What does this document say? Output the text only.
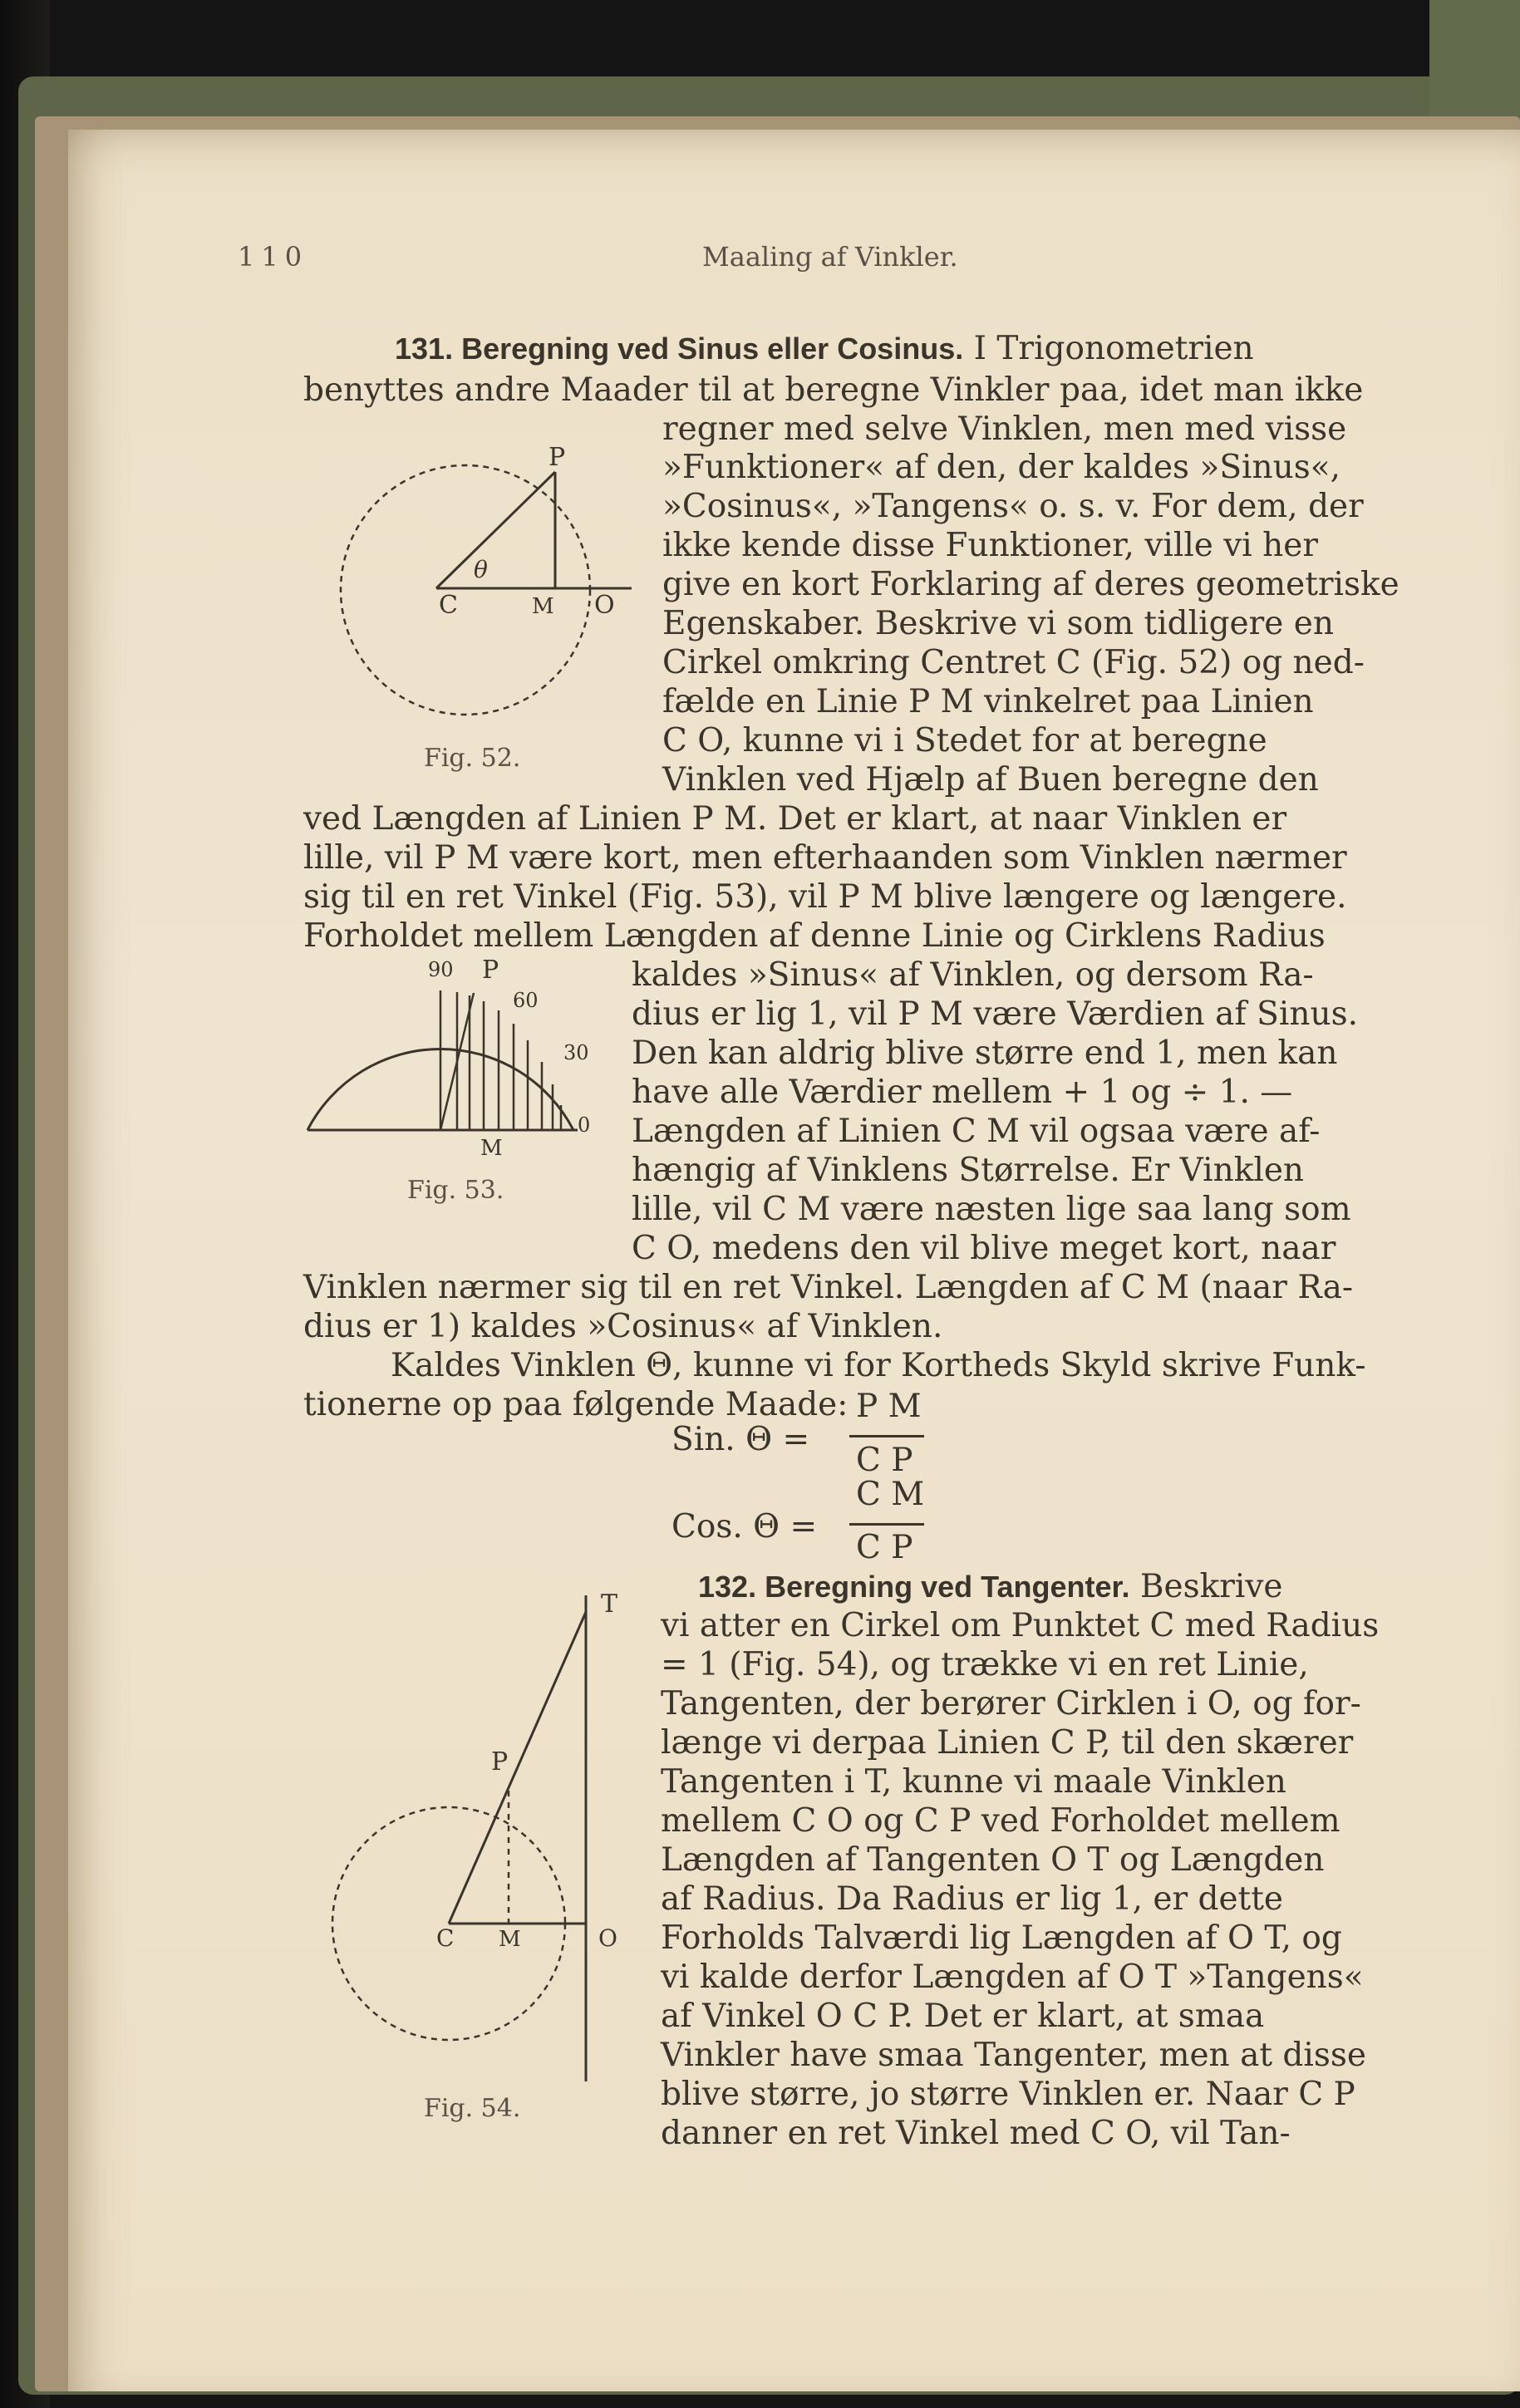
110	Maaling af Vinkler.
131. Beregning ved Sinus eller Cosinus. I Trigonometrien
benyttes andre Maader til at beregne Vinkler paa, idet man ikke
regner med selve Vinklen, men med visse
»Funktioner« af den, der kaldes »Sinus«,
»Cosinus«, »Tangens« o. s. v. For dem, der
ikke kende disse Funktioner, ville vi her
give en kort Forklaring af deres geometriske
Egenskaber. Beskrive vi som tidligere en
Cirkel omkring Centret C (Fig. 52) og ned-
fælde en Linie P M vinkelret paa Linien
C O, kunne vi i Stedet for at beregne
Vinklen ved Hjælp af Buen beregne den
ved Længden af Linien P M. Det er klart, at naar Vinklen er
lille, vil P M være kort, men efterhaanden som Vinklen nærmer
sig til en ret Vinkel (Fig. 53), vil P M blive længere og længere.
Forholdet mellem Længden af denne Linie og Cirklens Radius
kaldes »Sinus« af Vinklen, og dersom Ra-
dius er lig 1, vil P M være Værdien af Sinus.
Den kan aldrig blive større end 1, men kan
have alle Værdier mellem + 1 og ÷ 1. —
Længden af Linien C M vil ogsaa være af-
hængig af Vinklens Størrelse. Er Vinklen
lille, vil C M være næsten lige saa lang som
C O, medens den vil blive meget kort, naar
Vinklen nærmer sig til en ret Vinkel. Længden af C M (naar Ra-
dius er 1) kaldes »Cosinus« af Vinklen.
Kaldes Vinklen Θ, kunne vi for Kortheds Skyld skrive Funk-
tionerne op paa følgende Maade:
132. Beregning ved Tangenter. Beskrive
vi atter en Cirkel om Punktet C med Radius
= 1 (Fig. 54), og trække vi en ret Linie,
Tangenten, der berører Cirklen i O, og for-
længe vi derpaa Linien C P, til den skærer
Tangenten i T, kunne vi maale Vinklen
mellem C O og C P ved Forholdet mellem
Længden af Tangenten O T og Længden
af Radius. Da Radius er lig 1, er dette
Forholds Talværdi lig Længden af O T, og
vi kalde derfor Længden af O T »Tangens«
af Vinkel O C P. Det er klart, at smaa
Vinkler have smaa Tangenter, men at disse
blive større, jo større Vinklen er. Naar C P
danner en ret Vinkel med C O, vil Tan-
Sin. Θ =
P M
C P
Cos. Θ =
C M
C P
C	M O
P
θ
Fig. 52.
90 P
60
30
0
M
Fig. 53.
T
P
C M	O
Fig. 54.
